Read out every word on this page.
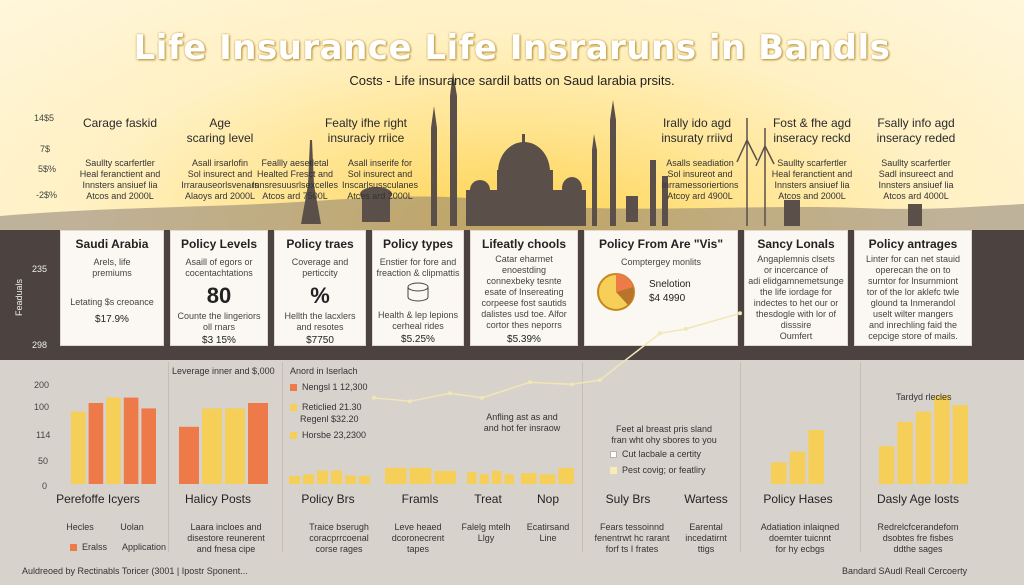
Life Insurance Life Insraruns in Bandls
Costs - Life insurance sardil batts on Saud larabia prsits.
14$5
7$
5$%
-2$%
Carage faskid	Age
scaring level
Saullty scarfertler
Heal feranctient and
Innsters ansiuef lia
Atcos and 2000L
Fealty ifhe right
insuraciy rriice
Asall irsarlofin
Sol insurect and
Irrarauseorlsvenars
Alaoys ard 2000L
Feallly aesetletal
Healted Fresct and
Innsresuusrlsexcelles
Atcos ard 7500L
Asall inserife for
Sol insurect and
Inscarlsussculanes
Atces ard 2000L
Irally ido agd
insuraty rriivd
Asalls seadiation
Sol insureot and
Inrramessoriertions
Atcoy ard 4900L
Fost & fhe agd
inseracy reckd
Saullty scarfertler
Heal feranctient and
Innsters ansiuef lia
Atcos and 2000L
Fsally info agd
inseracy reded
Saullty scarfertler
Sadl insureect and
Innsters ansiuef lia
Atcos ard 4000L
235
298
Feaduals
Saudi Arabia
Arels, life
premiums
Letating $s creoance
$17.9%
Policy Levels
Asaill of egors or
cocentachtations
80
Counte the lingeriors
oll rnars
$3 15%
Policy traes
Coverage and
perticcity
%
Hellth the lacxlers
and resotes
$7750
Policy types
Enstier for fore and
freaction & clipmattis
Health & lep lepions
cerheal rides
$5.25%
Lifeatly chools
Catar eharmet
enoestding
connexbeky tesnte
esate of Insereating
corpeese fost sautids
dalistes usd toe. Alfor
cortor thes neporrs
$5.39%
Policy From Are "Vis"
Comptergey monlits
Snelotion
$4 4990
Sancy Lonals
Angaplemnis clsets
or incercance of
adi elidgamnemetsunge
the life iordage for
indectes to het our or
thesdogle with lor of
disssire
Oumfert
Policy antrages
Linter for can net stauid
operecan the on to
surntor for lnsurnmiont
tor of the lor aklefc twle
glound ta Inmerandol
uselt wilter mangers
and inrechling faid the
cepcige store of mails.
200
100
114
50
0
Leverage inner and $,000 Anord in Iserlach
Nengsl 1 12,300
Reticlied 21.30
Regenl $32.20
Horsbe 23,2300
Anfling ast as and
and hot fer insraow	Feet al breast pris sland
fran wht ohy sbores to you
Cut lacbale a certity
Pest covig; or featliry
Tardyd rlecles
Perefoffe Icyers	Halicy Posts	Policy Brs	Framls	Treat	Nop	Suly Brs	Wartess	Policy Hases	Dasly Age losts
Hecles	Uolan
Eralss Application
Laara incloes and
disestore reunerent
and fnesa cipe
Traice bserugh
coracprrcoenal
corse rages
Leve heaed
dcoronecrent
tapes
Falelg mtelh
Llgy
Ecatirsand
Line
Fears tessoinnd
fenentrwt hc rarant
forf ts I frates
Earental
incedatirnt
ttigs
Adatiation inlaiqned
doemter tuicnnt
for hy ecbgs
Redrelcfcerandefom
dsobtes fre fisbes
ddthe sages
Auldreoed by Rectinabls Toricer (3001 | Ipostr Sponent...	Bandard SAudl Reall Cercoerty
